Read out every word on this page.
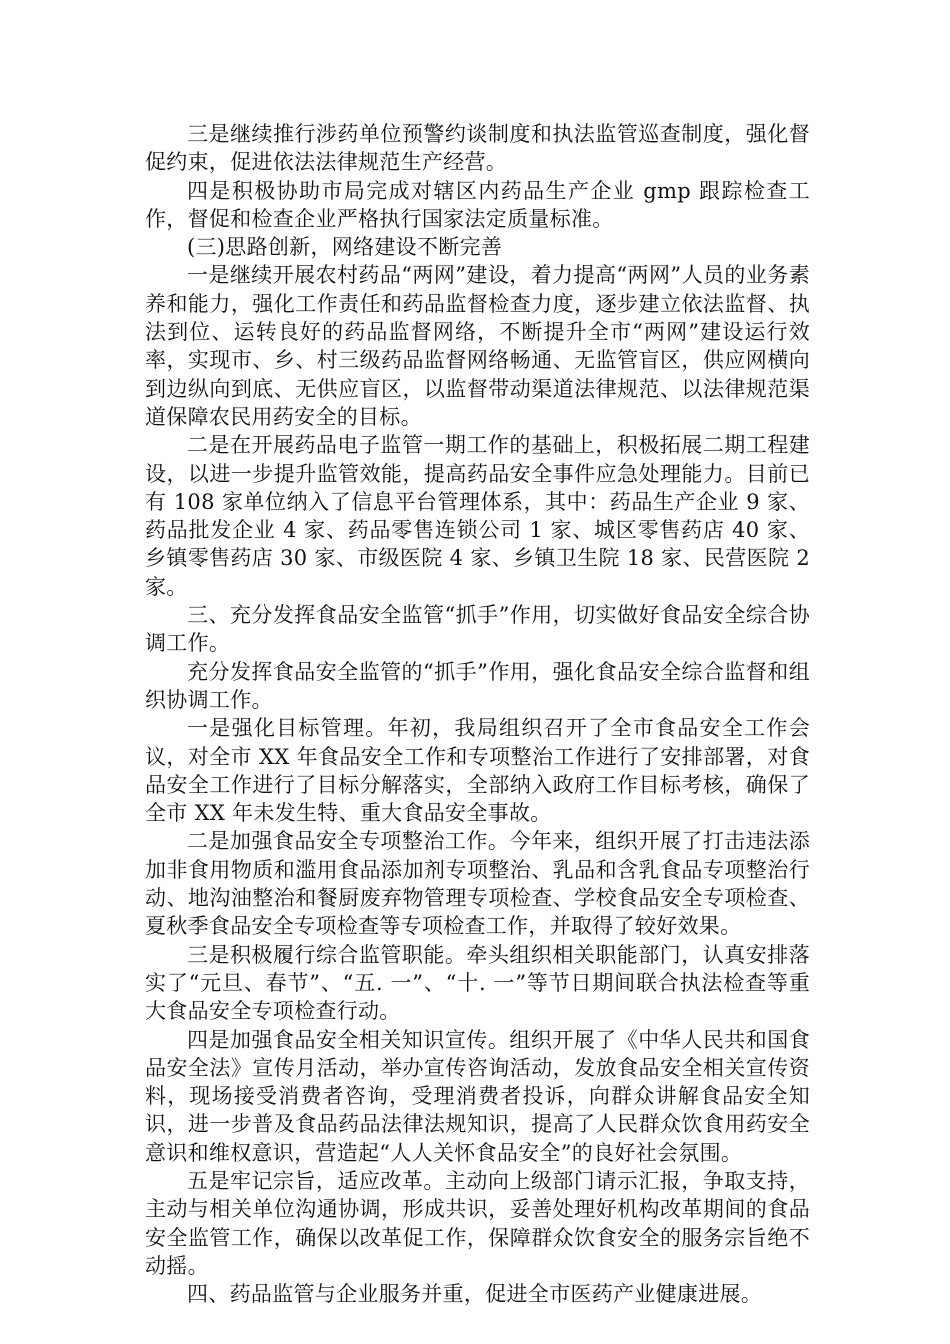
三是继续推行涉药单位预警约谈制度和执法监管巡查制度，强化督促约束，促进依法法律规范生产经营。

四是积极协助市局完成对辖区内药品生产企业 gmp 跟踪检查工作，督促和检查企业严格执行国家法定质量标准。

(三)思路创新，网络建设不断完善

一是继续开展农村药品“两网”建设，着力提高“两网”人员的业务素养和能力，强化工作责任和药品监督检查力度，逐步建立依法监督、执法到位、运转良好的药品监督网络，不断提升全市“两网”建设运行效率，实现市、乡、村三级药品监督网络畅通、无监管盲区，供应网横向到边纵向到底、无供应盲区，以监督带动渠道法律规范、以法律规范渠道保障农民用药安全的目标。

二是在开展药品电子监管一期工作的基础上，积极拓展二期工程建设，以进一步提升监管效能，提高药品安全事件应急处理能力。目前已有 108 家单位纳入了信息平台管理体系，其中：药品生产企业 9 家、药品批发企业 4 家、药品零售连锁公司 1 家、城区零售药店 40 家、乡镇零售药店 30 家、市级医院 4 家、乡镇卫生院 18 家、民营医院 2 家。

三、充分发挥食品安全监管“抓手”作用，切实做好食品安全综合协调工作。

充分发挥食品安全监管的“抓手”作用，强化食品安全综合监督和组织协调工作。

一是强化目标管理。年初，我局组织召开了全市食品安全工作会议，对全市 XX 年食品安全工作和专项整治工作进行了安排部署，对食品安全工作进行了目标分解落实，全部纳入政府工作目标考核，确保了全市 XX 年未发生特、重大食品安全事故。

二是加强食品安全专项整治工作。今年来，组织开展了打击违法添加非食用物质和滥用食品添加剂专项整治、乳品和含乳食品专项整治行动、地沟油整治和餐厨废弃物管理专项检查、学校食品安全专项检查、夏秋季食品安全专项检查等专项检查工作，并取得了较好效果。

三是积极履行综合监管职能。牵头组织相关职能部门，认真安排落实了“元旦、春节”、“五. 一”、“十. 一”等节日期间联合执法检查等重大食品安全专项检查行动。

四是加强食品安全相关知识宣传。组织开展了《中华人民共和国食品安全法》宣传月活动，举办宣传咨询活动，发放食品安全相关宣传资料，现场接受消费者咨询，受理消费者投诉，向群众讲解食品安全知识，进一步普及食品药品法律法规知识，提高了人民群众饮食用药安全意识和维权意识，营造起“人人关怀食品安全”的良好社会氛围。

五是牢记宗旨，适应改革。主动向上级部门请示汇报，争取支持，主动与相关单位沟通协调，形成共识，妥善处理好机构改革期间的食品安全监管工作，确保以改革促工作，保障群众饮食安全的服务宗旨绝不动摇。

四、药品监管与企业服务并重，促进全市医药产业健康进展。
